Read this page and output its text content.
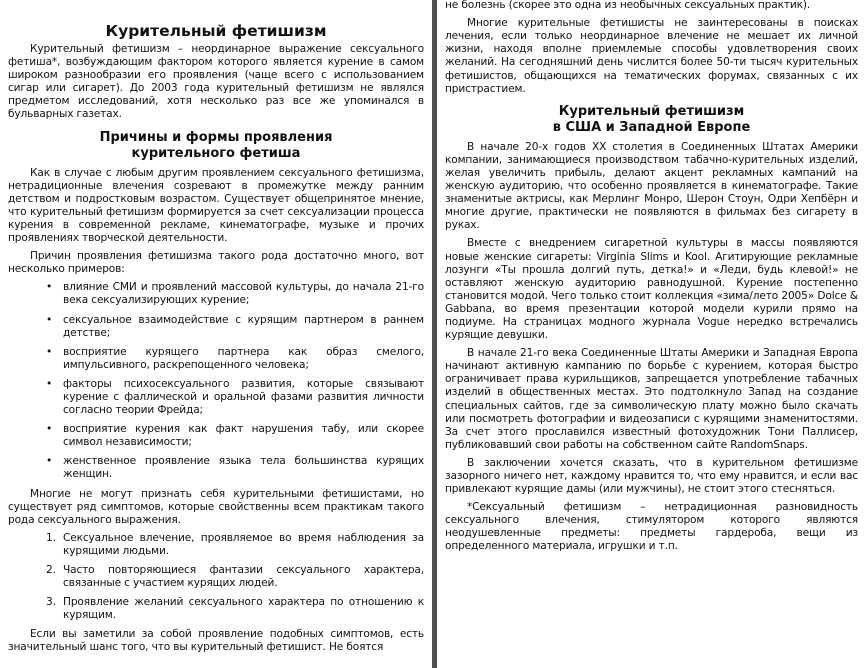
Курительный фетишизм

Курительный фетишизм – неординарное выражение сексуального фетиша*, возбуждающим фактором которого является курение в самом широком разнообразии его проявления (чаще всего с использованием сигар или сигарет). До 2003 года курительный фетишизм не являлся предметом исследований, хотя несколько раз все же упоминался в бульварных газетах.

Причины и формы проявления
курительного фетиша

Как в случае с любым другим проявлением сексуального фетишизма, нетрадиционные влечения созревают в промежутке между ранним детством и подростковым возрастом. Существует общепринятое мнение, что курительный фетишизм формируется за счет сексуализации процесса курения в современной рекламе, кинематографе, музыке и прочих проявлениях творческой деятельности.

Причин проявления фетишизма такого рода достаточно много, вот несколько примеров:

• влияние СМИ и проявлений массовой культуры, до начала 21-го века сексуализирующих курение;
• сексуальное взаимодействие с курящим партнером в раннем детстве;
• восприятие курящего партнера как образ смелого, импульсивного, раскрепощенного человека;
• факторы психосексуального развития, которые связывают курение с фаллической и оральной фазами развития личности согласно теории Фрейда;
• восприятие курения как факт нарушения табу, или скорее символ независимости;
• женственное проявление языка тела большинства курящих женщин.

Многие не могут признать себя курительными фетишистами, но существует ряд симптомов, которые свойственны всем практикам такого рода сексуального выражения.

1. Сексуальное влечение, проявляемое во время наблюдения за курящими людьми.
2. Часто повторяющиеся фантазии сексуального характера, связанные с участием курящих людей.
3. Проявление желаний сексуального характера по отношению к курящим.

Если вы заметили за собой проявление подобных симптомов, есть значительный шанс того, что вы курительный фетишист. Не боятся

не болезнь (скорее это одна из необычных сексуальных практик).

Многие курительные фетишисты не заинтересованы в поисках лечения, если только неординарное влечение не мешает их личной жизни, находя вполне приемлемые способы удовлетворения своих желаний. На сегодняшний день числится более 50-ти тысяч курительных фетишистов, общающихся на тематических форумах, связанных с их пристрастием.

Курительный фетишизм
в США и Западной Европе

В начале 20-х годов XX столетия в Соединенных Штатах Америки компании, занимающиеся производством табачно-курительных изделий, желая увеличить прибыль, делают акцент рекламных кампаний на женскую аудиторию, что особенно проявляется в кинематографе. Такие знаменитые актрисы, как Мерлинг Монро, Шерон Стоун, Одри Хепбёрн и многие другие, практически не появляются в фильмах без сигарету в руках.

Вместе с внедрением сигаретной культуры в массы появляются новые женские сигареты: Virginia Slims и Kool. Агитирующие рекламные лозунги «Ты прошла долгий путь, детка!» и «Леди, будь клевой!» не оставляют женскую аудиторию равнодушной. Курение постепенно становится модой. Чего только стоит коллекция «зима/лето 2005» Dolce & Gabbana, во время презентации которой модели курили прямо на подиуме. На страницах модного журнала Vogue нередко встречались курящие девушки.

В начале 21-го века Соединенные Штаты Америки и Западная Европа начинают активную кампанию по борьбе с курением, которая быстро ограничивает права курильщиков, запрещается употребление табачных изделий в общественных местах. Это подтолкнуло Запад на создание специальных сайтов, где за символическую плату можно было скачать или посмотреть фотографии и видеозаписи с курящими знаменитостями. За счет этого прославился известный фотохудожник Тони Паллисер, публиковавший свои работы на собственном сайте RandomSnaps.

В заключении хочется сказать, что в курительном фетишизме зазорного ничего нет, каждому нравится то, что ему нравится, и если вас привлекают курящие дамы (или мужчины), не стоит этого стесняться.

*Сексуальный фетишизм – нетрадиционная разновидность сексуального влечения, стимулятором которого являются неодушевленные предметы: предметы гардероба, вещи из определенного материала, игрушки и т.п.
